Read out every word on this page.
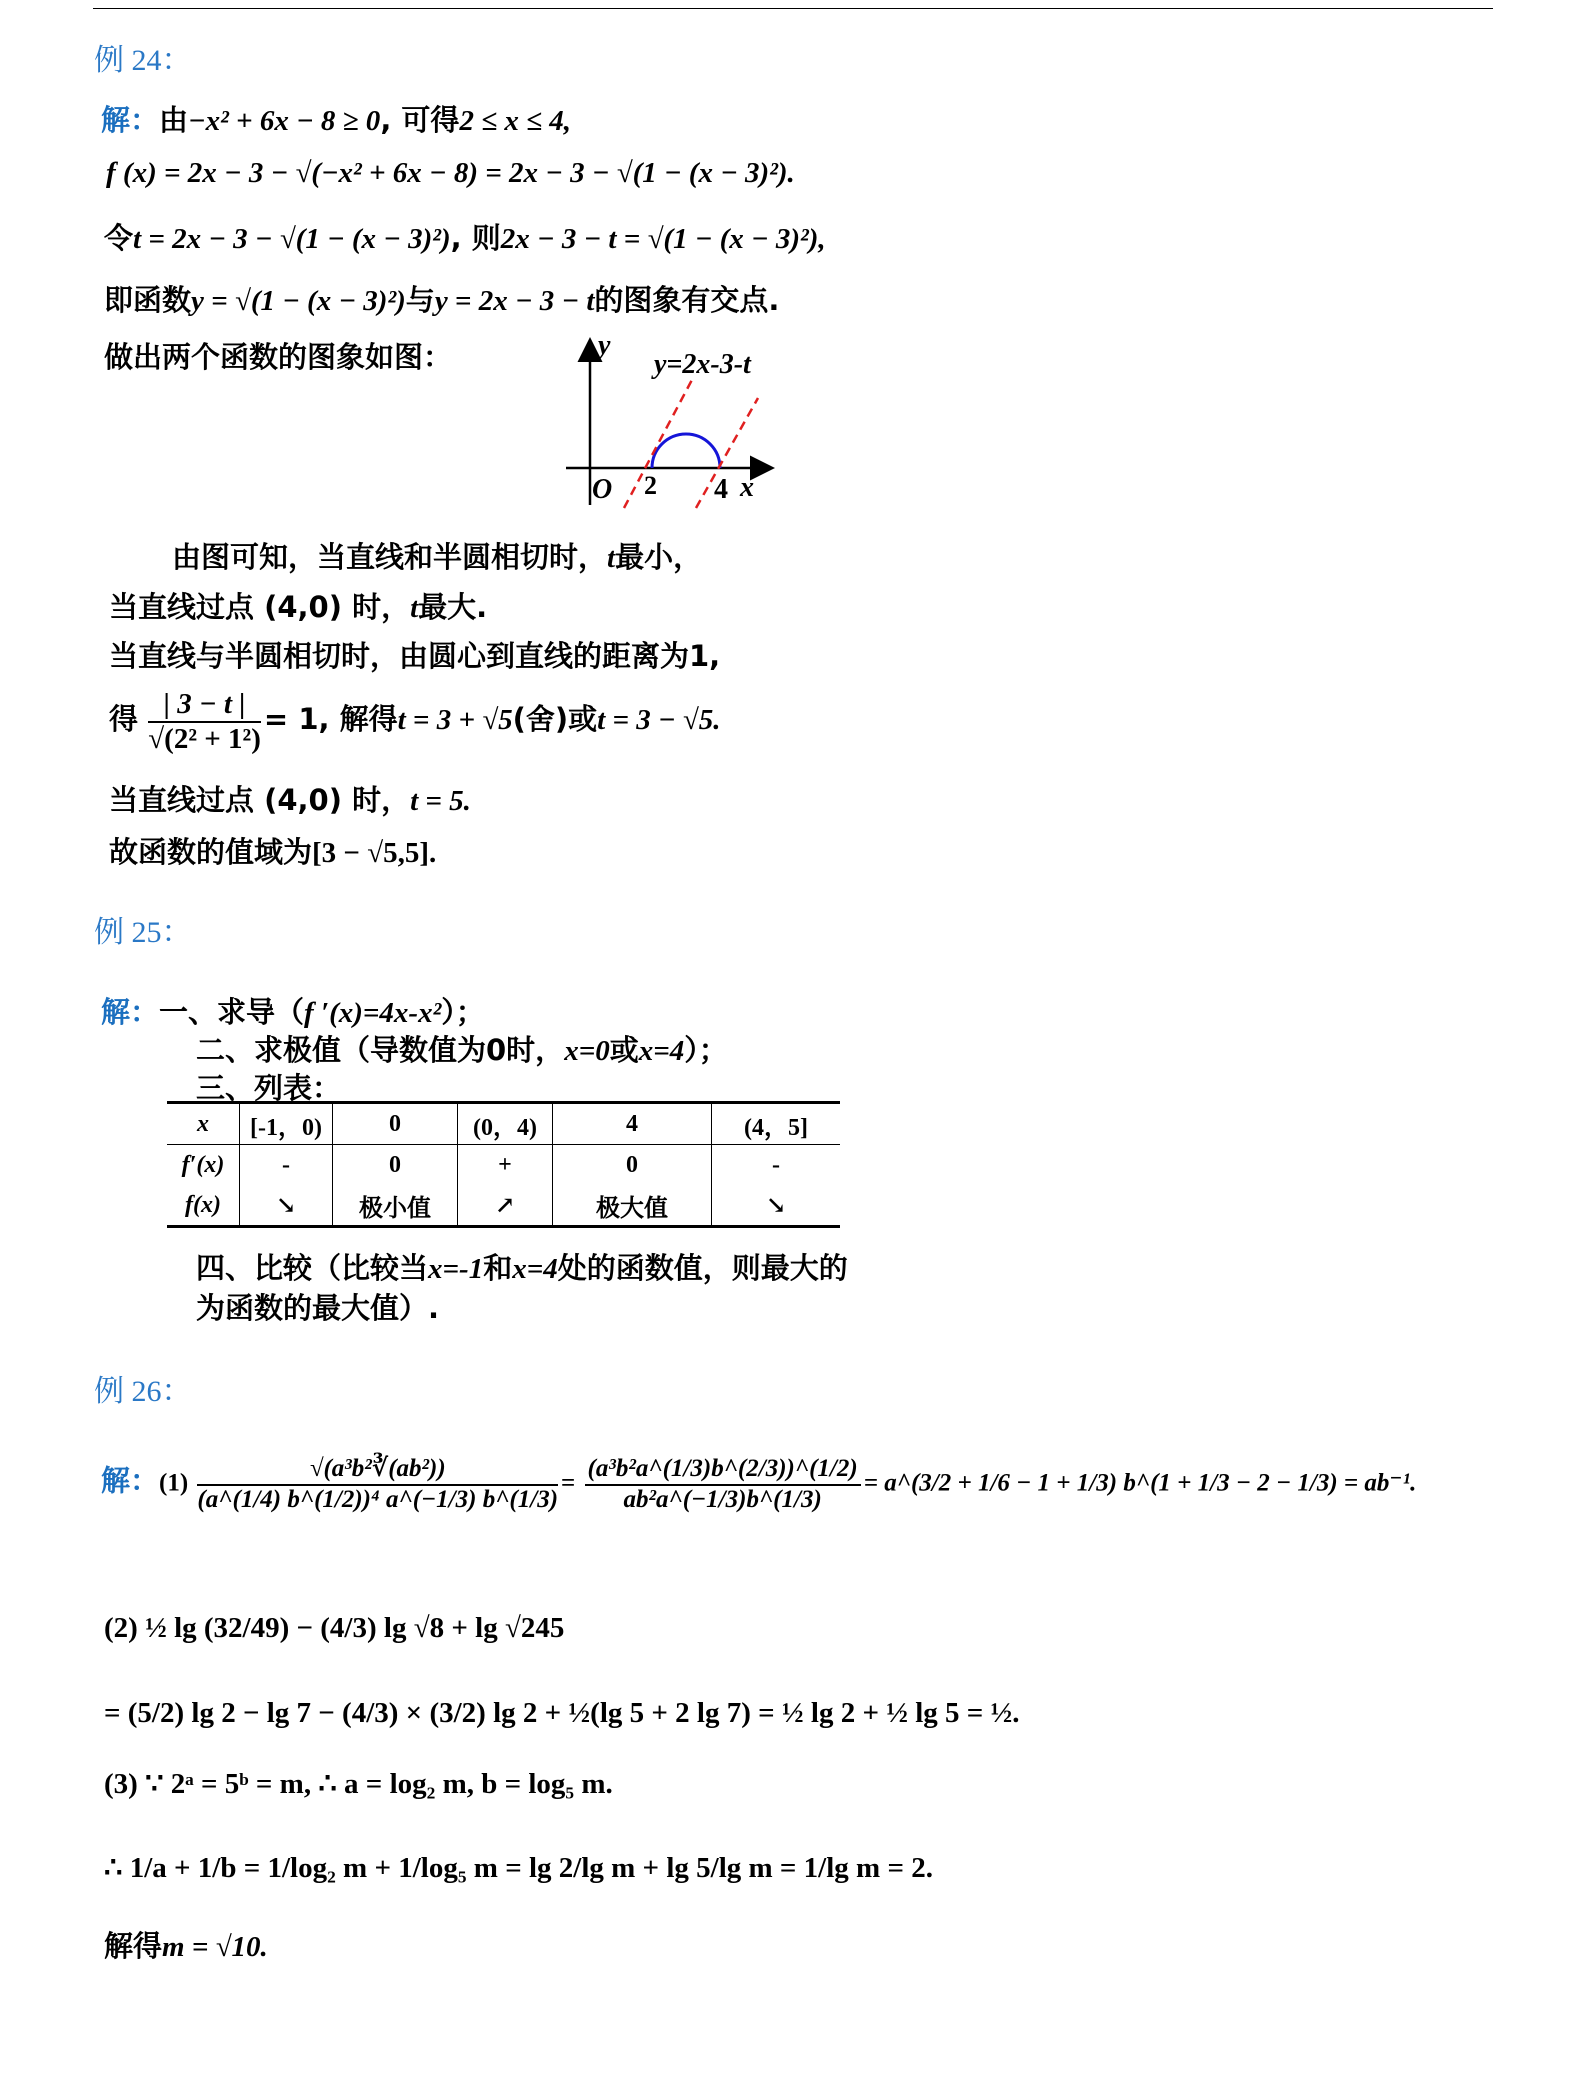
例 24：
解：由−x² + 6x − 8 ≥ 0, 可得2 ≤ x ≤ 4,
f (x) = 2x − 3 − √(−x² + 6x − 8) = 2x − 3 − √(1 − (x − 3)²).
令t = 2x − 3 − √(1 − (x − 3)²), 则2x − 3 − t = √(1 − (x − 3)²),
即函数y = √(1 − (x − 3)²)与y = 2x − 3 − t的图象有交点.
做出两个函数的图象如图：	y
y=2x-3-t
O 2 4 x
由图可知，当直线和半圆相切时，t最小，
当直线过点 (4,0) 时，t最大.
当直线与半圆相切时，由圆心到直线的距离为1,
得 $\frac{| 3 - t |}{\text{√(2² + 1²)}} = 1$, 解得t = 3 + √5(舍)或t = 3 − √5.
当直线过点 (4,0) 时，t = 5.
故函数的值域为[3 − √5,5].
例 25：
解：一、求导（f ′(x)=4x-x²）；
二、求极值（导数值为0时，x=0或x=4）；
三、列表：
x	[-1，0)	0	(0，4)	4	(4，5]
f′(x)	-	0	+	0	-
f(x)	↘	极小值	↗	极大值	↘
四、比较（比较当x=-1和x=4处的函数值，则最大的
为函数的最大值）.
例 26：
解：$(1) \frac{\text{√(a³b²∛(ab²))}}{\text{(a\textasciicircum{}(1/4) b\textasciicircum{}(1/2))⁴ a\textasciicircum{}(−1/3) b\textasciicircum{}(1/3)}} = \frac{\text{(a³b²a\textasciicircum{}(1/3)b\textasciicircum{}(2/3))\textasciicircum{}(1/2)}}{\text{ab²a\textasciicircum{}(−1/3)b\textasciicircum{}(1/3)}}$ = a^(3/2 + 1/6 − 1 + 1/3) b^(1 + 1/3 − 2 − 1/3) = ab⁻¹.
(2) ½ lg (32/49) − (4/3) lg √8 + lg √245
= (5/2) lg 2 − lg 7 − (4/3) × (3/2) lg 2 + ½(lg 5 + 2 lg 7) = ½ lg 2 + ½ lg 5 = ½.
(3) ∵ 2ᵃ = 5ᵇ = m, ∴ a = log₂ m, b = log₅ m.
∴ 1/a + 1/b = 1/log₂ m + 1/log₅ m = lg 2/lg m + lg 5/lg m = 1/lg m = 2.
解得m = √10.
